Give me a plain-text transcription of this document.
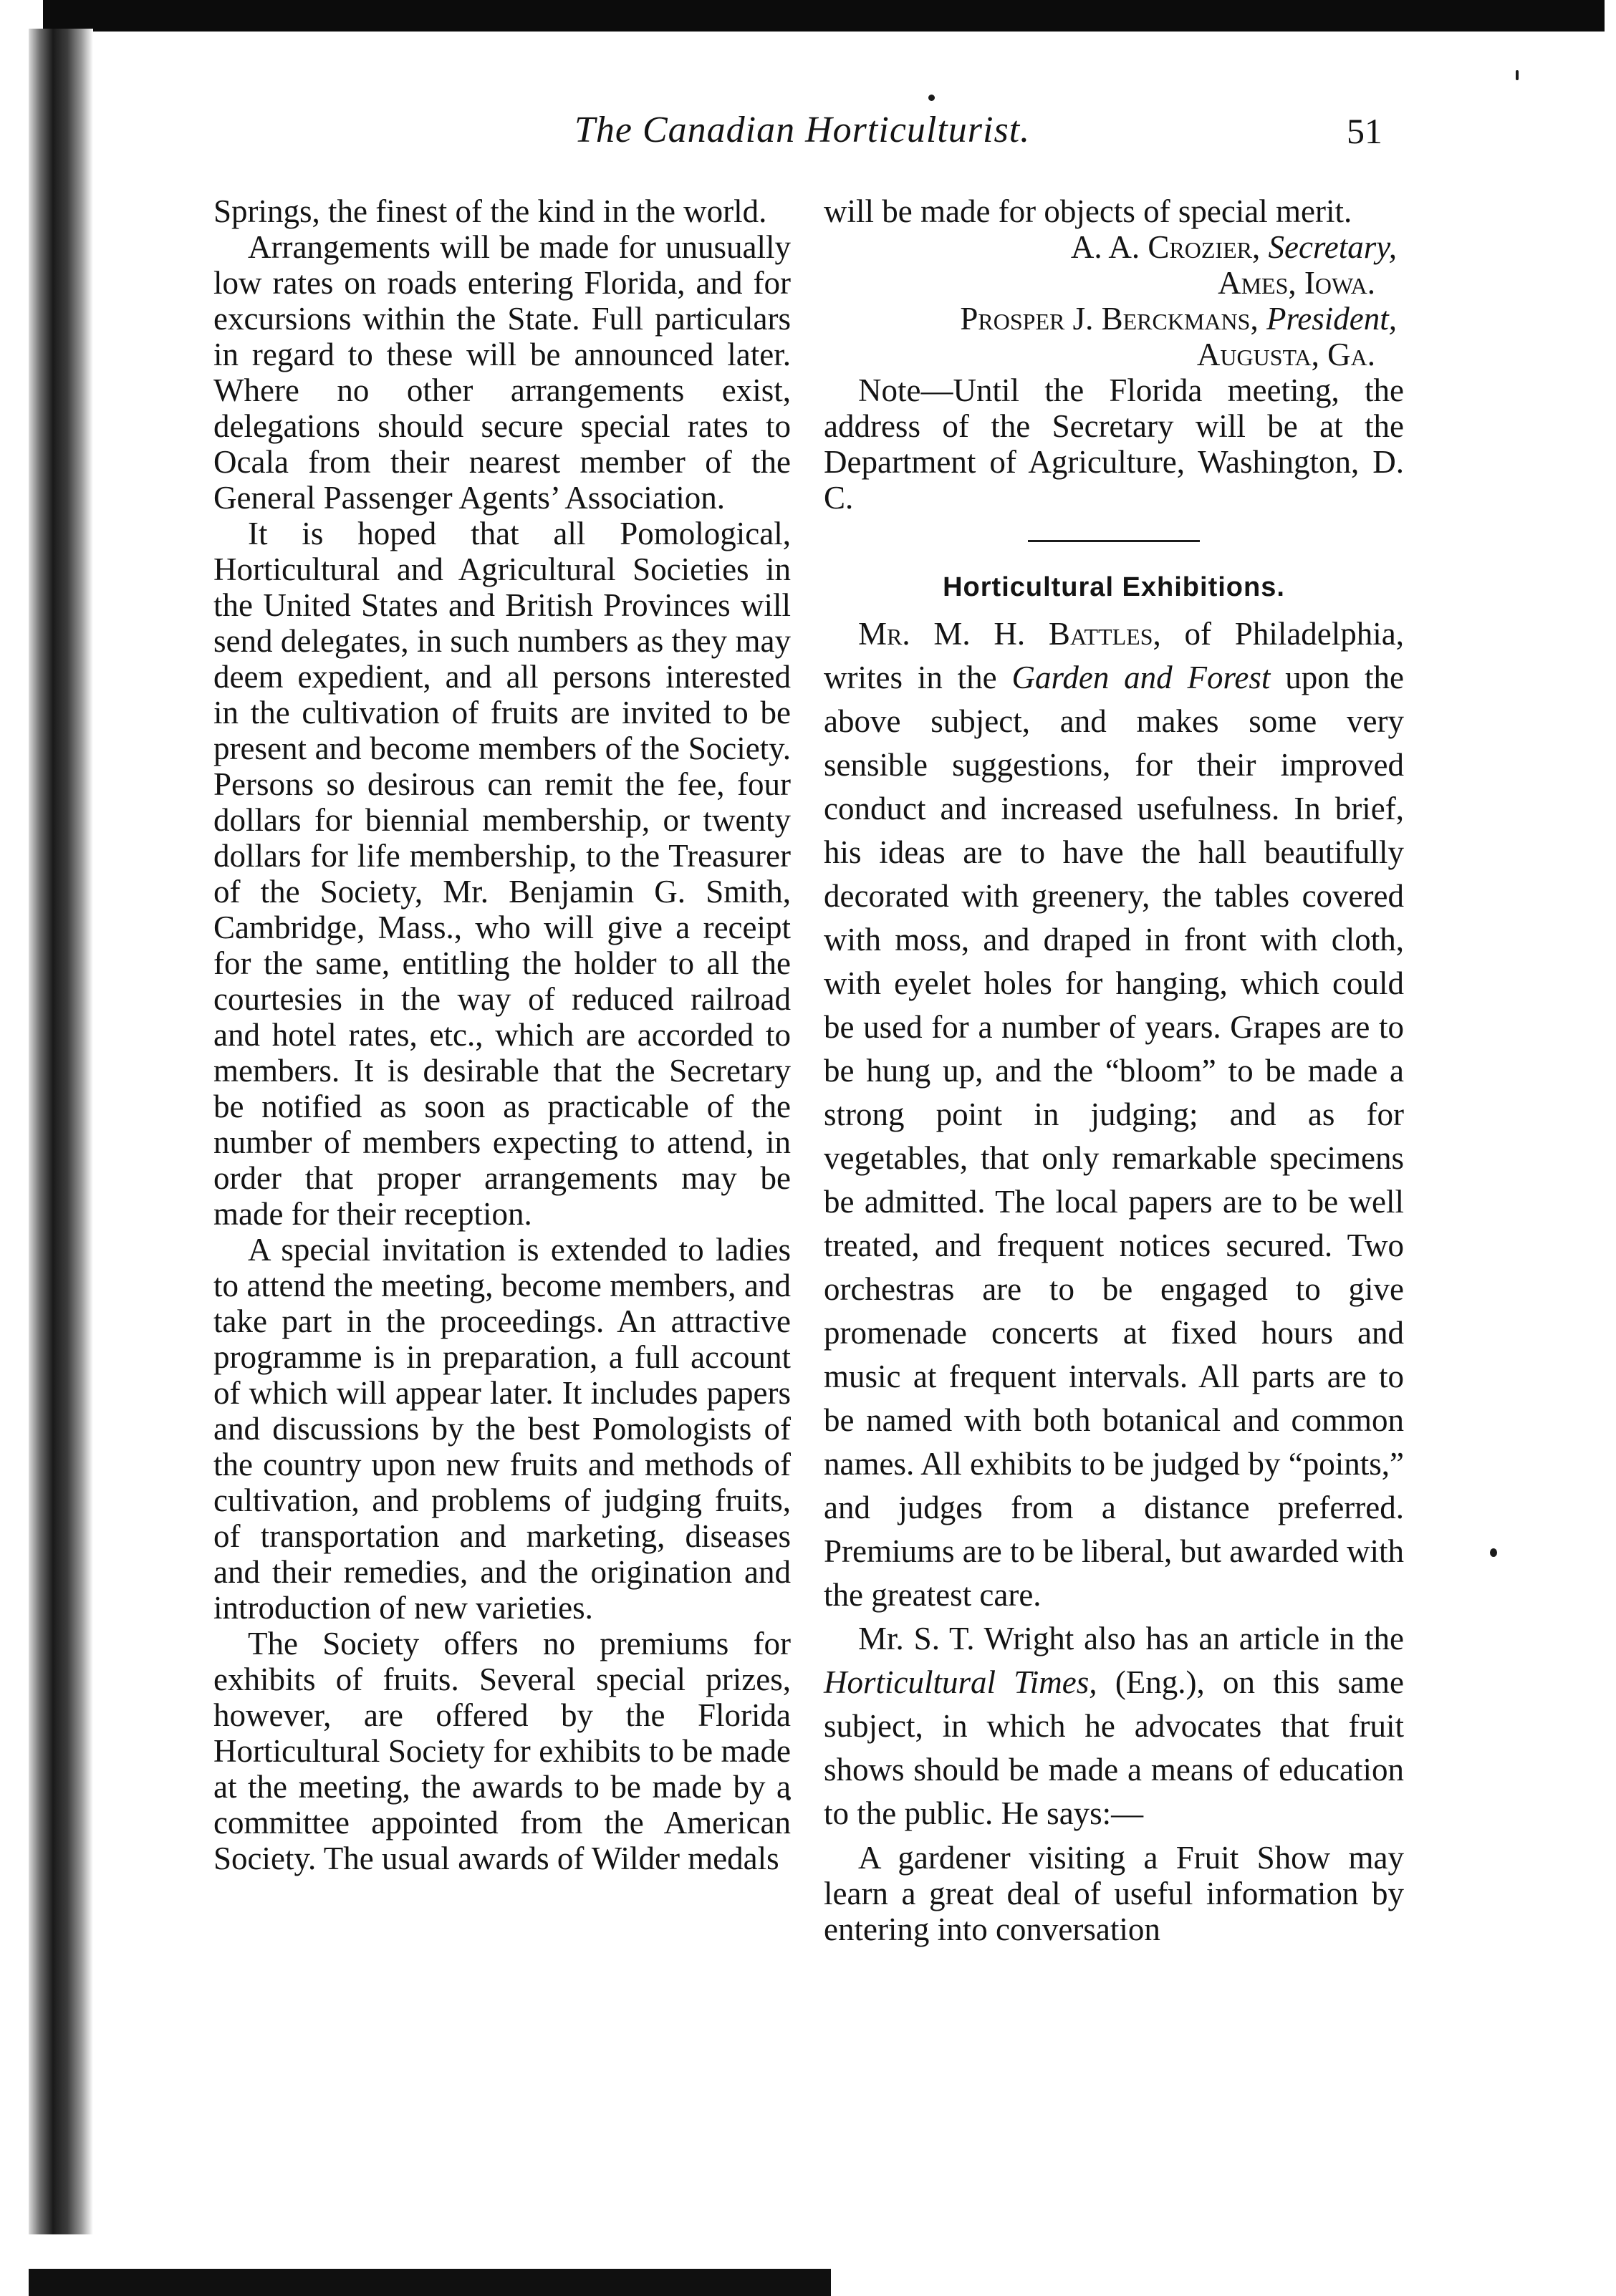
The Canadian Horticulturist.	51

Springs, the finest of the kind in the world.

Arrangements will be made for unusually low rates on roads entering Florida, and for excursions within the State. Full particulars in regard to these will be announced later. Where no other arrangements exist, delegations should secure special rates to Ocala from their nearest member of the General Passenger Agents’ Association.

It is hoped that all Pomological, Horticultural and Agricultural Societies in the United States and British Provinces will send delegates, in such numbers as they may deem expedient, and all persons interested in the cultivation of fruits are invited to be present and become members of the Society. Persons so desirous can remit the fee, four dollars for biennial membership, or twenty dollars for life membership, to the Treasurer of the Society, Mr. Benjamin G. Smith, Cambridge, Mass., who will give a receipt for the same, entitling the holder to all the courtesies in the way of reduced railroad and hotel rates, etc., which are accorded to members. It is desirable that the Secretary be notified as soon as practicable of the number of members expecting to attend, in order that proper arrangements may be made for their reception.

A special invitation is extended to ladies to attend the meeting, become members, and take part in the proceedings. An attractive programme is in preparation, a full account of which will appear later. It includes papers and discussions by the best Pomologists of the country upon new fruits and methods of cultivation, and problems of judging fruits, of transportation and marketing, diseases and their remedies, and the origination and introduction of new varieties.

The Society offers no premiums for exhibits of fruits. Several special prizes, however, are offered by the Florida Horticultural Society for exhibits to be made at the meeting, the awards to be made by a committee appointed from the American Society. The usual awards of Wilder medals

will be made for objects of special merit.

A. A. Crozier, Secretary,

Ames, Iowa.

Prosper J. Berckmans, President,

Augusta, Ga.

Note—Until the Florida meeting, the address of the Secretary will be at the Department of Agriculture, Washington, D. C.

Horticultural Exhibitions.

Mr. M. H. Battles, of Philadelphia, writes in the Garden and Forest upon the above subject, and makes some very sensible suggestions, for their improved conduct and increased usefulness. In brief, his ideas are to have the hall beautifully decorated with greenery, the tables covered with moss, and draped in front with cloth, with eyelet holes for hanging, which could be used for a number of years. Grapes are to be hung up, and the “bloom” to be made a strong point in judging; and as for vegetables, that only remarkable specimens be admitted. The local papers are to be well treated, and frequent notices secured. Two orchestras are to be engaged to give promenade concerts at fixed hours and music at frequent intervals. All parts are to be named with both botanical and common names. All exhibits to be judged by “points,” and judges from a distance preferred. Premiums are to be liberal, but awarded with the greatest care.

Mr. S. T. Wright also has an article in the Horticultural Times, (Eng.), on this same subject, in which he advocates that fruit shows should be made a means of education to the public. He says:—

A gardener visiting a Fruit Show may learn a great deal of useful information by entering into conversation
